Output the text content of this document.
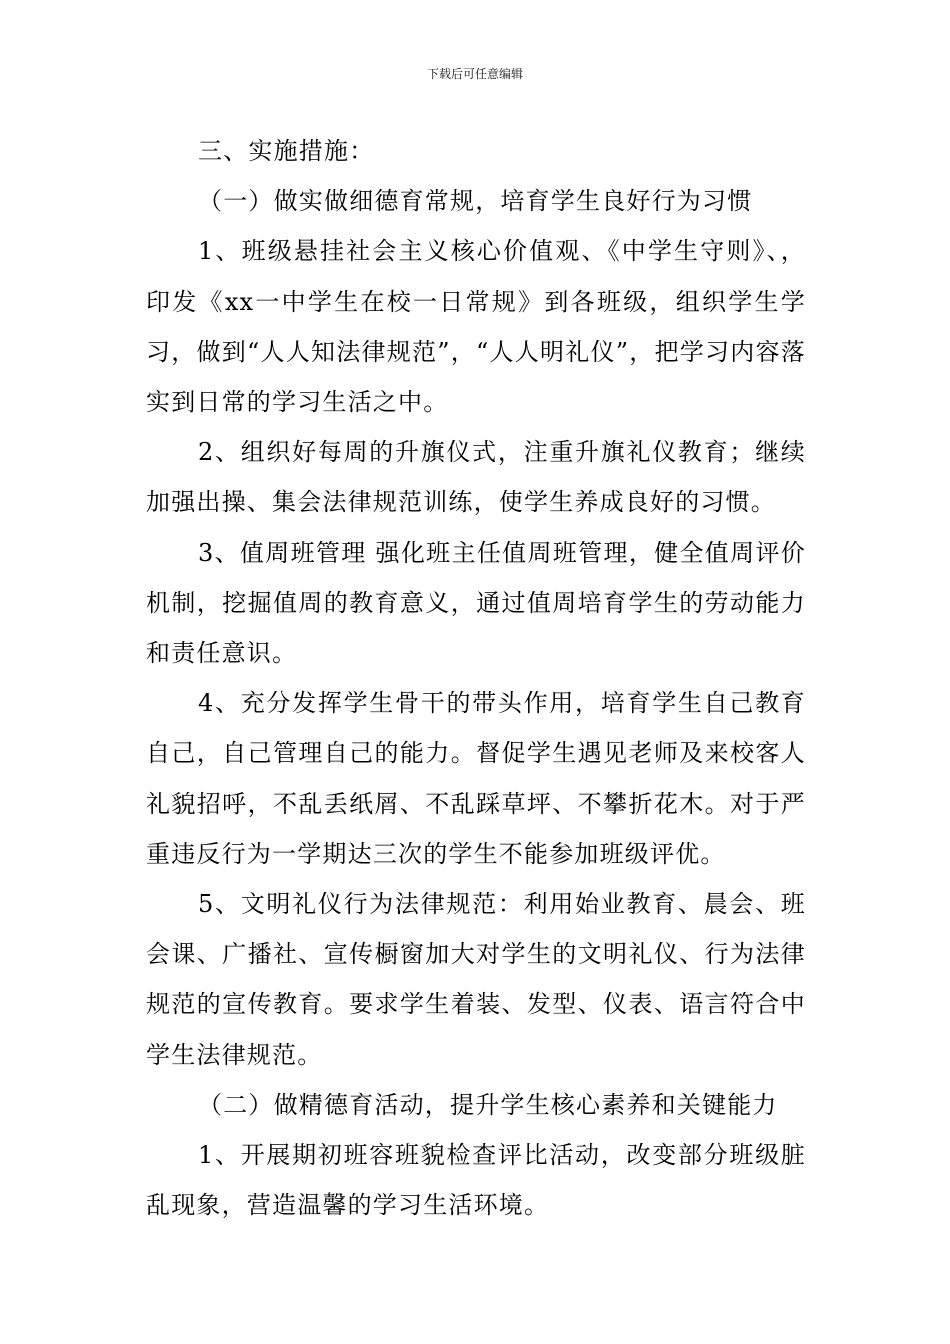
下载后可任意编辑

三、实施措施：

（一）做实做细德育常规，培育学生良好行为习惯

1、班级悬挂社会主义核心价值观、《中学生守则》、，印发《xx一中学生在校一日常规》到各班级，组织学生学习，做到“人人知法律规范”，“人人明礼仪”，把学习内容落实到日常的学习生活之中。

2、组织好每周的升旗仪式，注重升旗礼仪教育；继续加强出操、集会法律规范训练，使学生养成良好的习惯。

3、值周班管理 强化班主任值周班管理，健全值周评价机制，挖掘值周的教育意义，通过值周培育学生的劳动能力和责任意识。

4、充分发挥学生骨干的带头作用，培育学生自己教育自己，自己管理自己的能力。督促学生遇见老师及来校客人礼貌招呼，不乱丢纸屑、不乱踩草坪、不攀折花木。对于严重违反行为一学期达三次的学生不能参加班级评优。

5、文明礼仪行为法律规范：利用始业教育、晨会、班会课、广播社、宣传橱窗加大对学生的文明礼仪、行为法律规范的宣传教育。要求学生着装、发型、仪表、语言符合中学生法律规范。

（二）做精德育活动，提升学生核心素养和关键能力

1、开展期初班容班貌检查评比活动，改变部分班级脏乱现象，营造温馨的学习生活环境。
